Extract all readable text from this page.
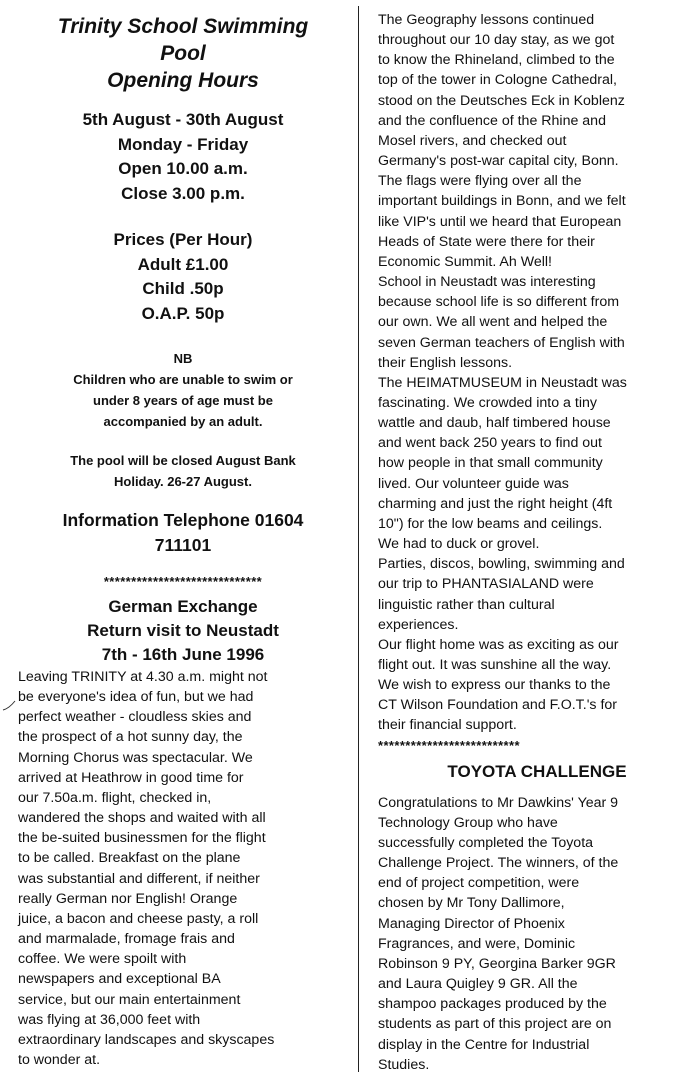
Trinity School Swimming

Pool

Opening Hours

5th August - 30th August

Monday - Friday

Open 10.00 a.m.

Close 3.00 p.m.

Prices (Per Hour)

Adult £1.00

Child .50p

O.A.P. 50p

NB

Children who are unable to swim or

under 8 years of age must be

accompanied by an adult.

The pool will be closed August Bank

Holiday. 26-27 August.

Information Telephone 01604

711101

*****************************

German Exchange

Return visit to Neustadt

7th - 16th June 1996

Leaving TRINITY at 4.30 a.m. might not
be everyone's idea of fun, but we had
perfect weather - cloudless skies and
the prospect of a hot sunny day, the
Morning Chorus was spectacular. We
arrived at Heathrow in good time for
our 7.50a.m. flight, checked in,
wandered the shops and waited with all
the be-suited businessmen for the flight
to be called. Breakfast on the plane
was substantial and different, if neither
really German nor English! Orange
juice, a bacon and cheese pasty, a roll
and marmalade, fromage frais and
coffee. We were spoilt with
newspapers and exceptional BA
service, but our main entertainment
was flying at 36,000 feet with
extraordinary landscapes and skyscapes
to wonder at.
The Geography lessons continued
throughout our 10 day stay, as we got
to know the Rhineland, climbed to the
top of the tower in Cologne Cathedral,
stood on the Deutsches Eck in Koblenz
and the confluence of the Rhine and
Mosel rivers, and checked out
Germany's post-war capital city, Bonn.
The flags were flying over all the
important buildings in Bonn, and we felt
like VIP's until we heard that European
Heads of State were there for their
Economic Summit. Ah Well!
School in Neustadt was interesting
because school life is so different from
our own. We all went and helped the
seven German teachers of English with
their English lessons.
The HEIMATMUSEUM in Neustadt was
fascinating. We crowded into a tiny
wattle and daub, half timbered house
and went back 250 years to find out
how people in that small community
lived. Our volunteer guide was
charming and just the right height (4ft
10") for the low beams and ceilings.
We had to duck or grovel.
Parties, discos, bowling, swimming and
our trip to PHANTASIALAND were
linguistic rather than cultural
experiences.
Our flight home was as exciting as our
flight out. It was sunshine all the way.
We wish to express our thanks to the
CT Wilson Foundation and F.O.T.'s for
their financial support.
**************************
TOYOTA CHALLENGE
Congratulations to Mr Dawkins' Year 9
Technology Group who have
successfully completed the Toyota
Challenge Project. The winners, of the
end of project competition, were
chosen by Mr Tony Dallimore,
Managing Director of Phoenix
Fragrances, and were, Dominic
Robinson 9 PY, Georgina Barker 9GR
and Laura Quigley 9 GR. All the
shampoo packages produced by the
students as part of this project are on
display in the Centre for Industrial
Studies.
